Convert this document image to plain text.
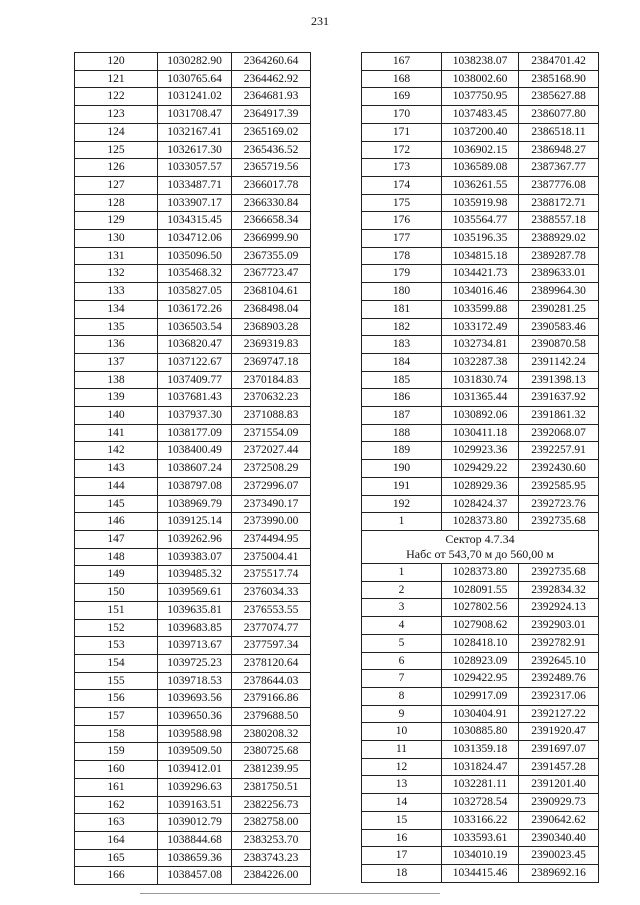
231
120	1030282.90	2364260.64
121	1030765.64	2364462.92
122	1031241.02	2364681.93
123	1031708.47	2364917.39
124	1032167.41	2365169.02
125	1032617.30	2365436.52
126	1033057.57	2365719.56
127	1033487.71	2366017.78
128	1033907.17	2366330.84
129	1034315.45	2366658.34
130	1034712.06	2366999.90
131	1035096.50	2367355.09
132	1035468.32	2367723.47
133	1035827.05	2368104.61
134	1036172.26	2368498.04
135	1036503.54	2368903.28
136	1036820.47	2369319.83
137	1037122.67	2369747.18
138	1037409.77	2370184.83
139	1037681.43	2370632.23
140	1037937.30	2371088.83
141	1038177.09	2371554.09
142	1038400.49	2372027.44
143	1038607.24	2372508.29
144	1038797.08	2372996.07
145	1038969.79	2373490.17
146	1039125.14	2373990.00
147	1039262.96	2374494.95
148	1039383.07	2375004.41
149	1039485.32	2375517.74
150	1039569.61	2376034.33
151	1039635.81	2376553.55
152	1039683.85	2377074.77
153	1039713.67	2377597.34
154	1039725.23	2378120.64
155	1039718.53	2378644.03
156	1039693.56	2379166.86
157	1039650.36	2379688.50
158	1039588.98	2380208.32
159	1039509.50	2380725.68
160	1039412.01	2381239.95
161	1039296.63	2381750.51
162	1039163.51	2382256.73
163	1039012.79	2382758.00
164	1038844.68	2383253.70
165	1038659.36	2383743.23
166	1038457.08	2384226.00
167	1038238.07	2384701.42
168	1038002.60	2385168.90
169	1037750.95	2385627.88
170	1037483.45	2386077.80
171	1037200.40	2386518.11
172	1036902.15	2386948.27
173	1036589.08	2387367.77
174	1036261.55	2387776.08
175	1035919.98	2388172.71
176	1035564.77	2388557.18
177	1035196.35	2388929.02
178	1034815.18	2389287.78
179	1034421.73	2389633.01
180	1034016.46	2389964.30
181	1033599.88	2390281.25
182	1033172.49	2390583.46
183	1032734.81	2390870.58
184	1032287.38	2391142.24
185	1031830.74	2391398.13
186	1031365.44	2391637.92
187	1030892.06	2391861.32
188	1030411.18	2392068.07
189	1029923.36	2392257.91
190	1029429.22	2392430.60
191	1028929.36	2392585.95
192	1028424.37	2392723.76
1	1028373.80	2392735.68

Сектор 4.7.34
Набс от 543,70 м до 560,00 м		

1	1028373.80	2392735.68
2	1028091.55	2392834.32
3	1027802.56	2392924.13
4	1027908.62	2392903.01
5	1028418.10	2392782.91
6	1028923.09	2392645.10
7	1029422.95	2392489.76
8	1029917.09	2392317.06
9	1030404.91	2392127.22
10	1030885.80	2391920.47
11	1031359.18	2391697.07
12	1031824.47	2391457.28
13	1032281.11	2391201.40
14	1032728.54	2390929.73
15	1033166.22	2390642.62
16	1033593.61	2390340.40
17	1034010.19	2390023.45
18	1034415.46	2389692.16
